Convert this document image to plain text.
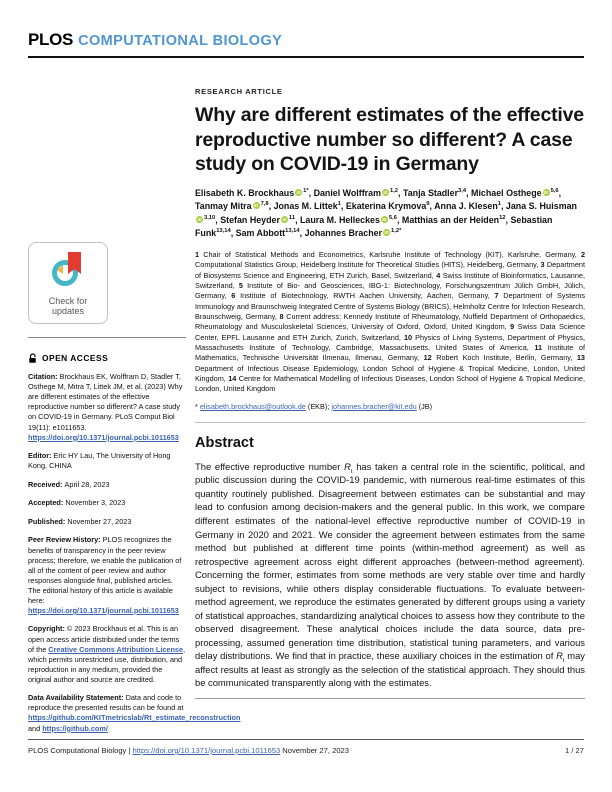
PLOS COMPUTATIONAL BIOLOGY
Check for updates
OPEN ACCESS

Citation: Brockhaus EK, Wolffram D, Stadler T, Osthege M, Mitra T, Littek JM, et al. (2023) Why are different estimates of the effective reproductive number so different? A case study on COVID-19 in Germany. PLoS Comput Biol 19(11): e1011653. https://doi.org/10.1371/journal.pcbi.1011653

Editor: Eric HY Lau, The University of Hong Kong, CHINA

Received: April 28, 2023

Accepted: November 3, 2023

Published: November 27, 2023

Peer Review History: PLOS recognizes the benefits of transparency in the peer review process; therefore, we enable the publication of all of the content of peer review and author responses alongside final, published articles. The editorial history of this article is available here: https://doi.org/10.1371/journal.pcbi.1011653

Copyright: © 2023 Brockhaus et al. This is an open access article distributed under the terms of the Creative Commons Attribution License, which permits unrestricted use, distribution, and reproduction in any medium, provided the original author and source are credited.

Data Availability Statement: Data and code to reproduce the presented results can be found at https://github.com/KITmetricslab/Rt_estimate_reconstruction and https://github.com/

RESEARCH ARTICLE
Why are different estimates of the effective reproductive number so different? A case study on COVID-19 in Germany

Elisabeth K. Brockhaus iD $^{1*}$, Daniel Wolffram iD $^{1,2}$, Tanja Stadler$^{3,4}$, Michael Osthege iD $^{5,6}$, Tanmay Mitra iD $^{7,8}$, Jonas M. Littek$^1$, Ekaterina Krymova$^9$, Anna J. Klesen$^1$, Jana S. HuismaniD $^{3,10}$, Stefan Heyder iD $^{11}$, Laura M. Helleckes iD $^{5,6}$, Matthias an der Heiden$^{12}$, Sebastian Funk$^{13,14}$, Sam Abbott$^{13,14}$, Johannes Bracher iD $^{1,2*}$

1 Chair of Statistical Methods and Econometrics, Karlsruhe Institute of Technology (KIT), Karlsruhe, Germany, 2 Computational Statistics Group, Heidelberg Institute for Theoretical Studies (HITS), Heidelberg, Germany, 3 Department of Biosystems Science and Engineering, ETH Zurich, Basel, Switzerland, 4 Swiss Institute of Bioinformatics, Lausanne, Switzerland, 5 Institute of Bio- and Geosciences, IBG-1: Biotechnology, Forschungszentrum Jülich GmbH, Jülich, Germany, 6 Institute of Biotechnology, RWTH Aachen University, Aachen, Germany, 7 Department of Systems Immunology and Braunschweig Integrated Centre of Systems Biology (BRICS), Helmholtz Centre for Infection Research, Braunschweig, Germany, 8 Current address: Kennedy Institute of Rheumatology, Nuffield Department of Orthopaedics, Rheumatology and Musculoskeletal Sciences, University of Oxford, Oxford, United Kingdom, 9 Swiss Data Science Center, EPFL Lausanne and ETH Zurich, Zurich, Switzerland, 10 Physics of Living Systems, Department of Physics, Massachusetts Institute of Technology, Cambridge, Massachusetts, United States of America, 11 Institute of Mathematics, Technische Universität Ilmenau, Ilmenau, Germany, 12 Robert Koch Institute, Berlin, Germany, 13 Department of Infectious Disease Epidemiology, London School of Hygiene & Tropical Medicine, London, United Kingdom, 14 Centre for Mathematical Modelling of Infectious Diseases, London School of Hygiene & Tropical Medicine, London, United Kingdom

* elisabeth.brockhaus@outlook.de (EKB); johannes.bracher@kit.edu (JB)

Abstract

The effective reproductive number $R_t$ has taken a central role in the scientific, political, and public discussion during the COVID-19 pandemic, with numerous real-time estimates of this quantity routinely published. Disagreement between estimates can be substantial and may lead to confusion among decision-makers and the general public. In this work, we compare different estimates of the national-level effective reproductive number of COVID-19 in Germany in 2020 and 2021. We consider the agreement between estimates from the same method but published at different time points (within-method agreement) as well as retrospective agreement across eight different approaches (between-method agreement). Concerning the former, estimates from some methods are very stable over time and hardly subject to revisions, while others display considerable fluctuations. To evaluate between-method agreement, we reproduce the estimates generated by different groups using a variety of statistical approaches, standardizing analytical choices to assess how they contribute to the observed disagreement. These analytical choices include the data source, data pre-processing, assumed generation time distribution, statistical tuning parameters, and various delay distributions. We find that in practice, these auxiliary choices in the estimation of $R_t$ may affect results at least as strongly as the selection of the statistical approach. They should thus be communicated transparently along with the estimates.

PLOS Computational Biology | https://doi.org/10.1371/journal.pcbi.1011653 November 27, 2023	1 / 27
